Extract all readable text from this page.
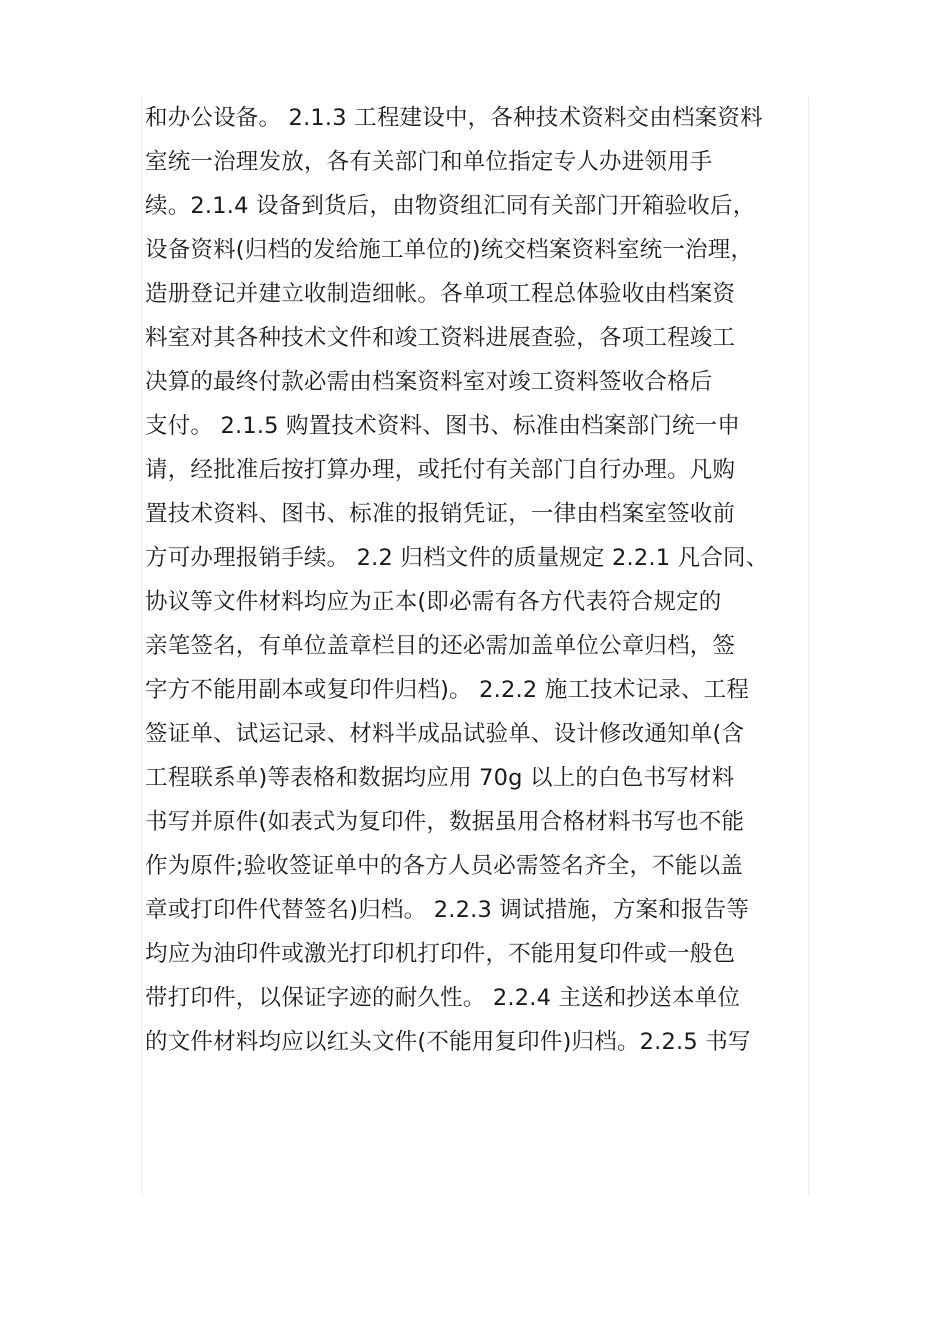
和办公设备。 2.1.3 工程建设中，各种技术资料交由档案资料
室统一治理发放，各有关部门和单位指定专人办进领用手
续。2.1.4 设备到货后，由物资组汇同有关部门开箱验收后，
设备资料(归档的发给施工单位的)统交档案资料室统一治理，
造册登记并建立收制造细帐。各单项工程总体验收由档案资
料室对其各种技术文件和竣工资料进展查验，各项工程竣工
决算的最终付款必需由档案资料室对竣工资料签收合格后
支付。 2.1.5 购置技术资料、图书、标准由档案部门统一申
请，经批准后按打算办理，或托付有关部门自行办理。凡购
置技术资料、图书、标准的报销凭证，一律由档案室签收前
方可办理报销手续。 2.2 归档文件的质量规定 2.2.1 凡合同、
协议等文件材料均应为正本(即必需有各方代表符合规定的
亲笔签名，有单位盖章栏目的还必需加盖单位公章归档，签
字方不能用副本或复印件归档)。 2.2.2 施工技术记录、工程
签证单、试运记录、材料半成品试验单、设计修改通知单(含
工程联系单)等表格和数据均应用 70g 以上的白色书写材料
书写并原件(如表式为复印件，数据虽用合格材料书写也不能
作为原件;验收签证单中的各方人员必需签名齐全，不能以盖
章或打印件代替签名)归档。 2.2.3 调试措施，方案和报告等
均应为油印件或激光打印机打印件，不能用复印件或一般色
带打印件，以保证字迹的耐久性。 2.2.4 主送和抄送本单位
的文件材料均应以红头文件(不能用复印件)归档。2.2.5 书写
